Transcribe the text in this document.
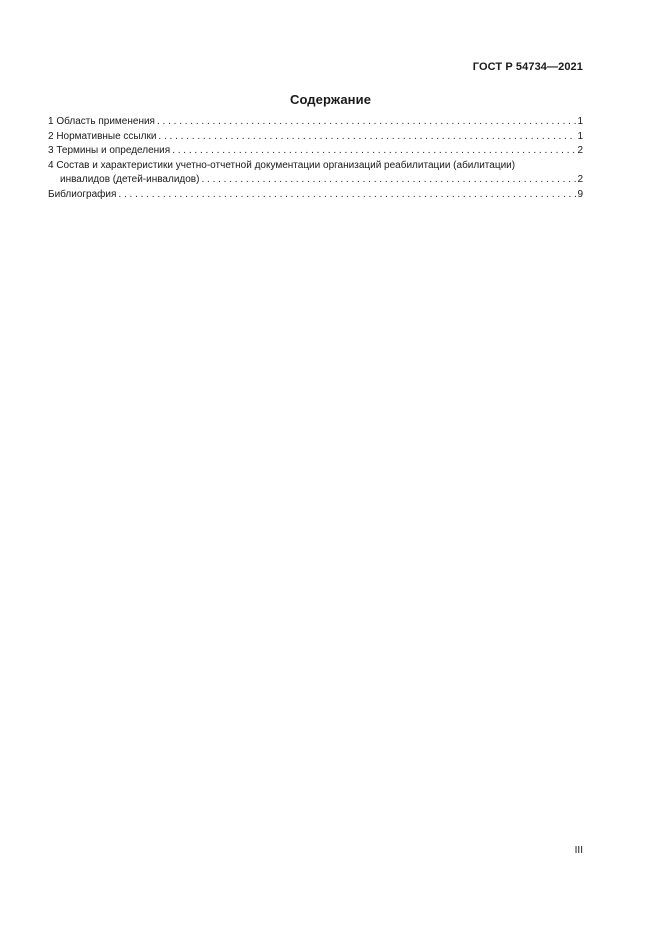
ГОСТ Р 54734—2021
Содержание
1 Область применения . . .	1
2 Нормативные ссылки . . .	1
3 Термины и определения . . .	2
4 Состав и характеристики учетно-отчетной документации организаций реабилитации (абилитации)
инвалидов (детей-инвалидов) . . .	2
Библиография . . .	9
III
